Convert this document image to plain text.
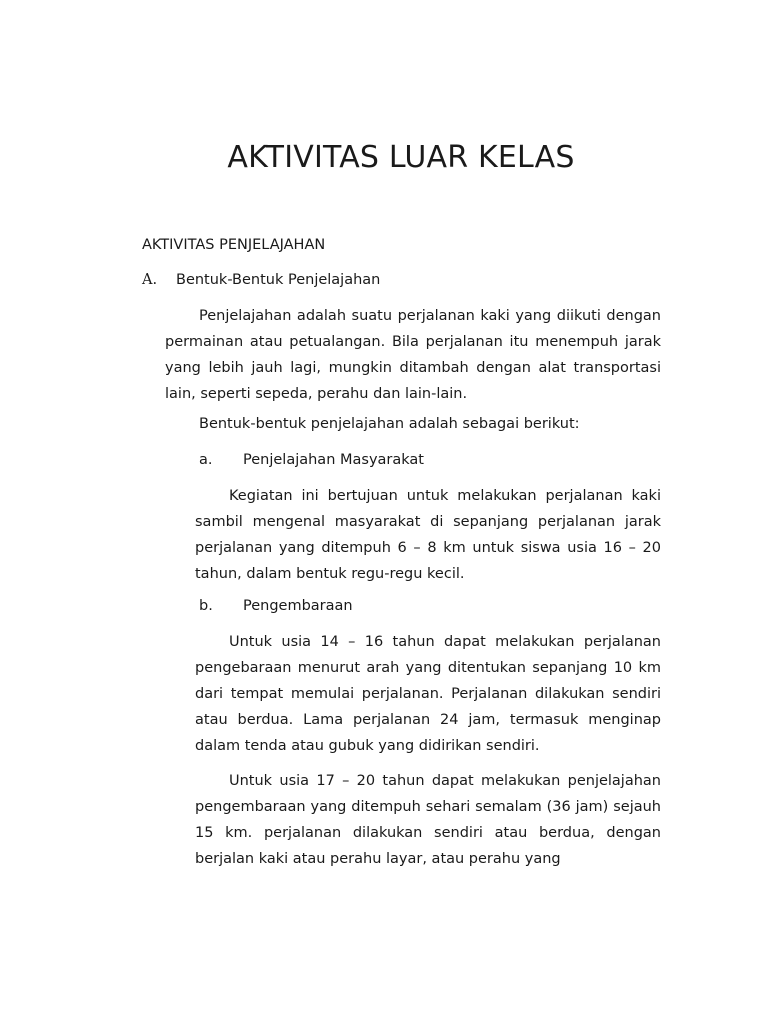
AKTIVITAS LUAR KELAS

AKTIVITAS PENJELAJAHAN

A. Bentuk-Bentuk Penjelajahan

Penjelajahan adalah suatu perjalanan kaki yang diikuti dengan permainan atau petualangan. Bila perjalanan itu menempuh jarak yang lebih jauh lagi, mungkin ditambah dengan alat transportasi lain, seperti sepeda, perahu dan lain-lain.

Bentuk-bentuk penjelajahan adalah sebagai berikut:

a. Penjelajahan Masyarakat

Kegiatan ini bertujuan untuk melakukan perjalanan kaki sambil mengenal masyarakat di sepanjang perjalanan jarak perjalanan yang ditempuh 6 – 8 km untuk siswa usia 16 – 20 tahun, dalam bentuk regu-regu kecil.

b. Pengembaraan

Untuk usia 14 – 16 tahun dapat melakukan perjalanan pengebaraan menurut arah yang ditentukan sepanjang 10 km dari tempat memulai perjalanan. Perjalanan dilakukan sendiri atau berdua. Lama perjalanan 24 jam, termasuk menginap dalam tenda atau gubuk yang didirikan sendiri.

Untuk usia 17 – 20 tahun dapat melakukan penjelajahan pengembaraan yang ditempuh sehari semalam (36 jam) sejauh 15 km. perjalanan dilakukan sendiri atau berdua, dengan berjalan kaki atau perahu layar, atau perahu yang
